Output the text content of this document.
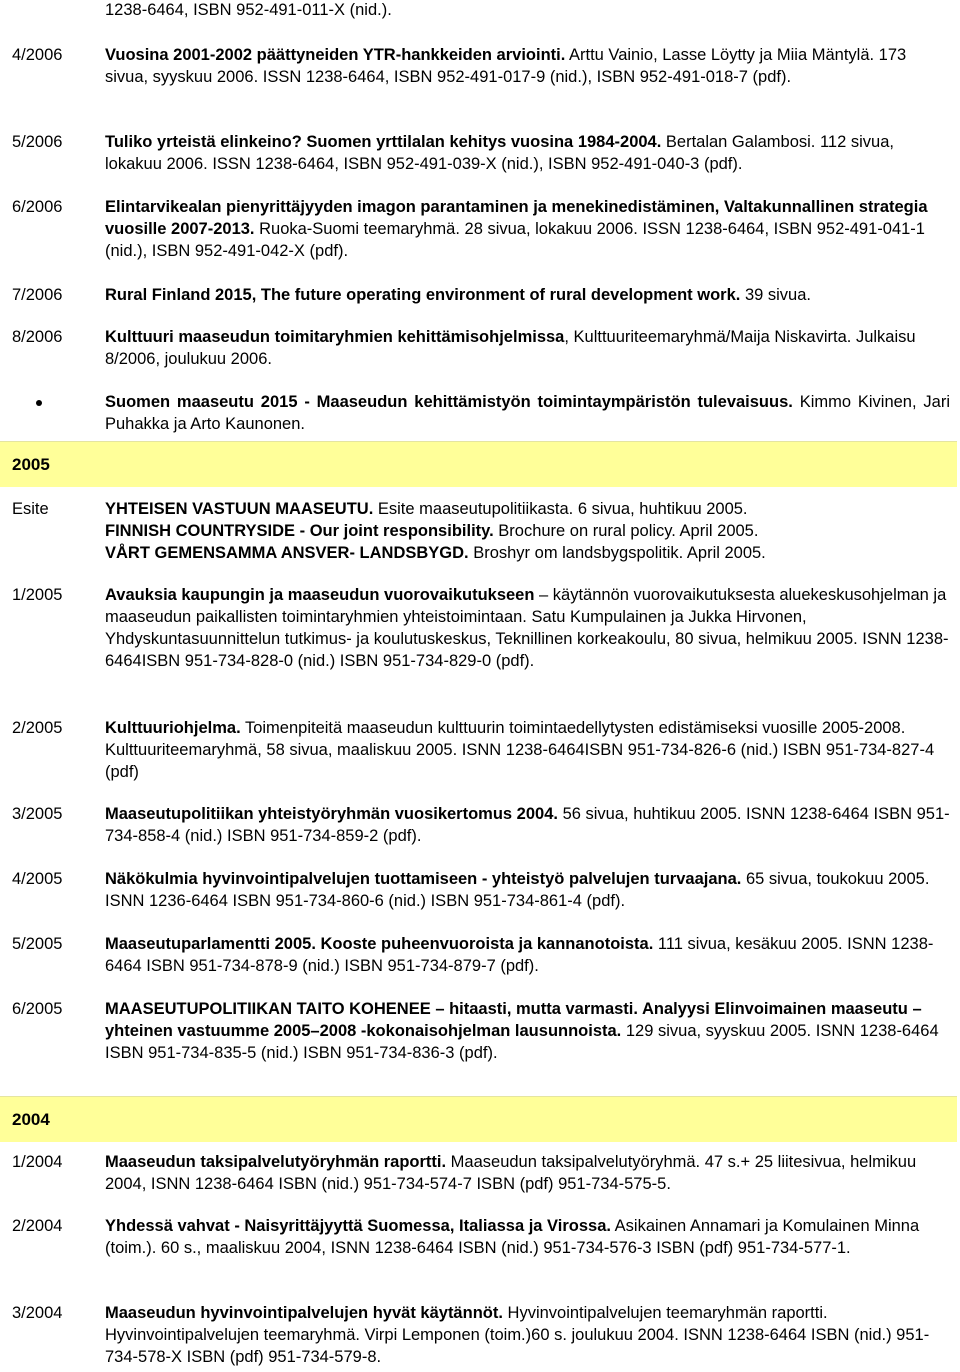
1238-6464, ISBN 952-491-011-X (nid.).
4/2006	Vuosina 2001-2002 päättyneiden YTR-hankkeiden arviointi. Arttu Vainio, Lasse Löytty ja Miia Mäntylä. 173 sivua, syyskuu 2006. ISSN 1238-6464, ISBN 952-491-017-9 (nid.), ISBN 952-491-018-7 (pdf).
5/2006	Tuliko yrteistä elinkeino? Suomen yrttilalan kehitys vuosina 1984-2004. Bertalan Galambosi. 112 sivua, lokakuu 2006. ISSN 1238-6464, ISBN 952-491-039-X (nid.), ISBN 952-491-040-3 (pdf).
6/2006	Elintarvikealan pienyrittäjyyden imagon parantaminen ja menekinedistäminen, Valtakunnallinen strategia vuosille 2007-2013. Ruoka-Suomi teemaryhmä. 28 sivua, lokakuu 2006. ISSN 1238-6464, ISBN 952-491-041-1 (nid.), ISBN 952-491-042-X (pdf).
7/2006	Rural Finland 2015, The future operating environment of rural development work. 39 sivua.
8/2006	Kulttuuri maaseudun toimitaryhmien kehittämisohjelmissa, Kulttuuriteemaryhmä/Maija Niskavirta. Julkaisu 8/2006, joulukuu 2006.
Suomen maaseutu 2015 - Maaseudun kehittämistyön toimintaympäristön tulevaisuus. Kimmo Kivinen, Jari Puhakka ja Arto Kaunonen.
2005
Esite	YHTEISEN VASTUUN MAASEUTU. Esite maaseutupolitiikasta. 6 sivua, huhtikuu 2005.
FINNISH COUNTRYSIDE - Our joint responsibility. Brochure on rural policy. April 2005.
VÅRT GEMENSAMMA ANSVER- LANDSBYGD. Broshyr om landsbygspolitik. April 2005.
1/2005	Avauksia kaupungin ja maaseudun vuorovaikutukseen – käytännön vuorovaikutuksesta aluekeskusohjelman ja maaseudun paikallisten toimintaryhmien yhteistoimintaan. Satu Kumpulainen ja Jukka Hirvonen, Yhdyskuntasuunnittelun tutkimus- ja koulutuskeskus, Teknillinen korkeakoulu, 80 sivua, helmikuu 2005. ISNN 1238-6464ISBN 951-734-828-0 (nid.) ISBN 951-734-829-0 (pdf).
2/2005	Kulttuuriohjelma. Toimenpiteitä maaseudun kulttuurin toimintaedellytysten edistämiseksi vuosille 2005-2008. Kulttuuriteemaryhmä, 58 sivua, maaliskuu 2005. ISNN 1238-6464ISBN 951-734-826-6 (nid.) ISBN 951-734-827-4 (pdf)
3/2005	Maaseutupolitiikan yhteistyöryhmän vuosikertomus 2004. 56 sivua, huhtikuu 2005. ISNN 1238-6464 ISBN 951-734-858-4 (nid.) ISBN 951-734-859-2 (pdf).
4/2005	Näkökulmia hyvinvointipalvelujen tuottamiseen - yhteistyö palvelujen turvaajana. 65 sivua, toukokuu 2005. ISNN 1236-6464 ISBN 951-734-860-6 (nid.) ISBN 951-734-861-4 (pdf).
5/2005	Maaseutuparlamentti 2005. Kooste puheenvuoroista ja kannanotoista. 111 sivua, kesäkuu 2005. ISNN 1238-6464 ISBN 951-734-878-9 (nid.) ISBN 951-734-879-7 (pdf).
6/2005	MAASEUTUPOLITIIKAN TAITO KOHENEE – hitaasti, mutta varmasti. Analyysi Elinvoimainen maaseutu – yhteinen vastuumme 2005–2008 -kokonaisohjelman lausunnoista. 129 sivua, syyskuu 2005. ISNN 1238-6464 ISBN 951-734-835-5 (nid.) ISBN 951-734-836-3 (pdf).
2004
1/2004	Maaseudun taksipalvelutyöryhmän raportti. Maaseudun taksipalvelutyöryhmä. 47 s.+ 25 liitesivua, helmikuu 2004, ISNN 1238-6464 ISBN (nid.) 951-734-574-7 ISBN (pdf) 951-734-575-5.
2/2004	Yhdessä vahvat - Naisyrittäjyyttä Suomessa, Italiassa ja Virossa. Asikainen Annamari ja Komulainen Minna (toim.). 60 s., maaliskuu 2004, ISNN 1238-6464 ISBN (nid.) 951-734-576-3 ISBN (pdf) 951-734-577-1.
3/2004	Maaseudun hyvinvointipalvelujen hyvät käytännöt. Hyvinvointipalvelujen teemaryhmän raportti. Hyvinvointipalvelujen teemaryhmä. Virpi Lemponen (toim.)60 s. joulukuu 2004. ISNN 1238-6464 ISBN (nid.) 951-734-578-X ISBN (pdf) 951-734-579-8.
